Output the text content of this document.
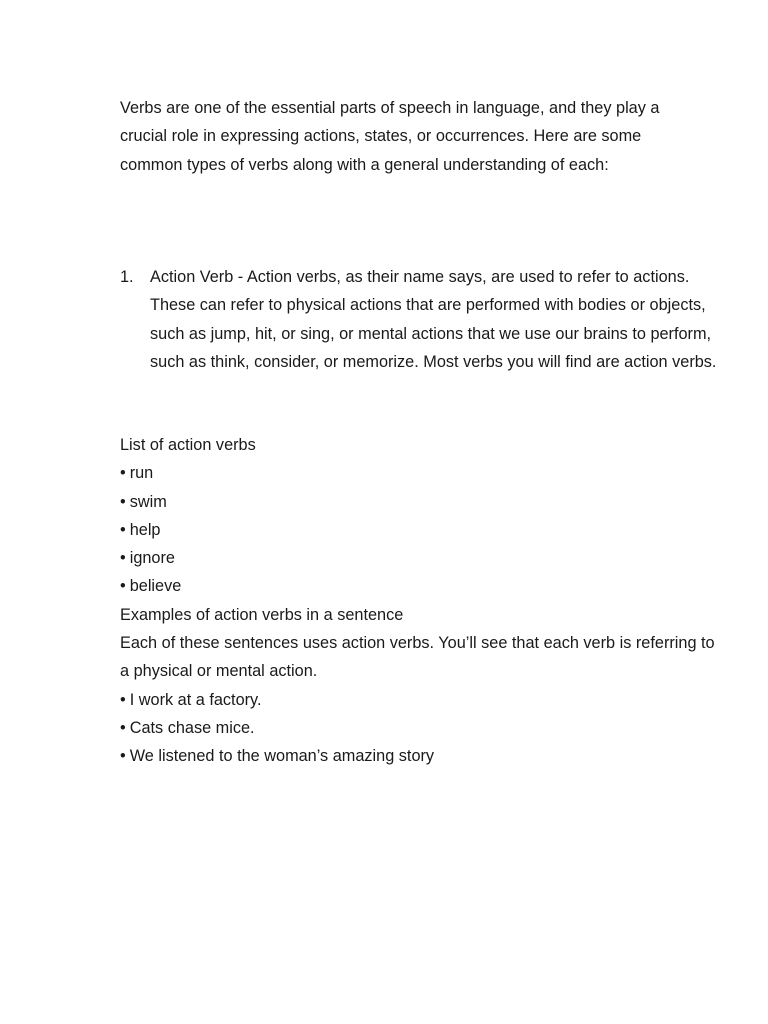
Verbs are one of the essential parts of speech in language, and they play a crucial role in expressing actions, states, or occurrences. Here are some common types of verbs along with a general understanding of each:

1. Action Verb - Action verbs, as their name says, are used to refer to actions. These can refer to physical actions that are performed with bodies or objects, such as jump, hit, or sing, or mental actions that we use our brains to perform, such as think, consider, or memorize. Most verbs you will find are action verbs.
List of action verbs
• run
• swim
• help
• ignore
• believe
Examples of action verbs in a sentence
Each of these sentences uses action verbs. You’ll see that each verb is referring to a physical or mental action.
• I work at a factory.
• Cats chase mice.
• We listened to the woman’s amazing story
